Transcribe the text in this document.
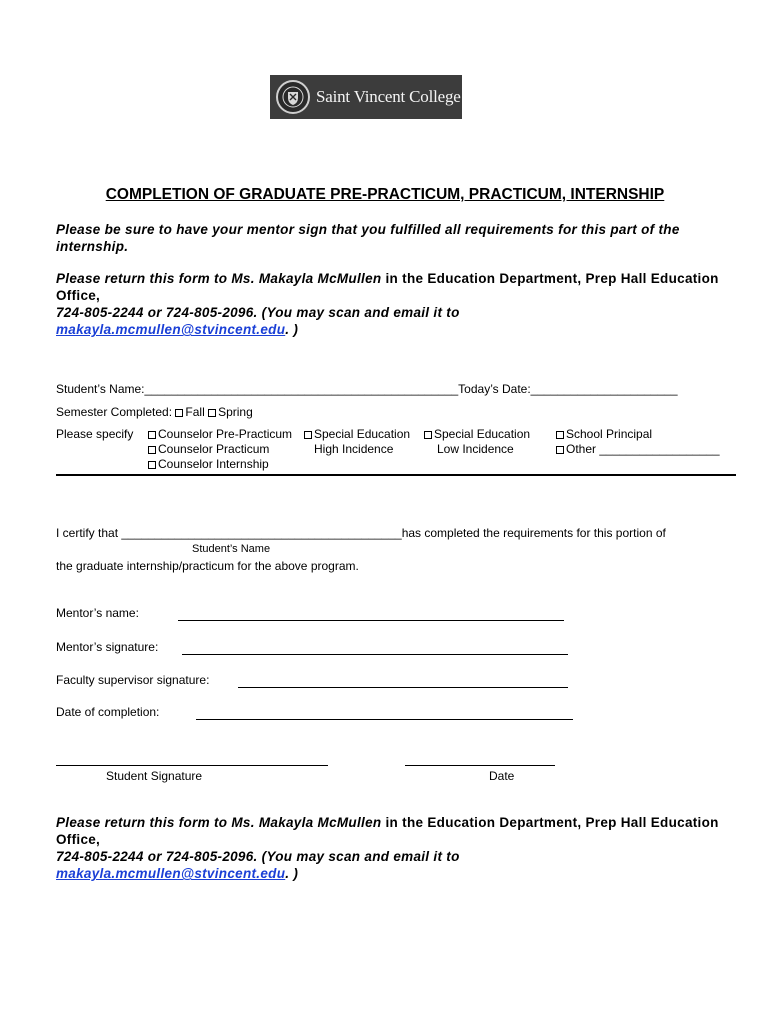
Saint Vincent College
COMPLETION OF GRADUATE PRE-PRACTICUM, PRACTICUM, INTERNSHIP
Please be sure to have your mentor sign that you fulfilled all requirements for this part of the internship.
Please return this form to Ms. Makayla McMullen in the Education Department, Prep Hall Education Office,
724-805-2244 or 724-805-2096. (You may scan and email it to
makayla.mcmullen@stvincent.edu. )
Student’s Name:_______________________________________________Today’s Date:______________________
Semester Completed: Fall Spring
Please specify	Counselor Pre-Practicum
Counselor Practicum
Counselor Internship
Special Education
High Incidence
Special Education
Low Incidence
School Principal
Other __________________
I certify that __________________________________________has completed the requirements for this portion of
Student’s Name
the graduate internship/practicum for the above program.
Mentor’s name:
Mentor’s signature:
Faculty supervisor signature:
Date of completion:
Student Signature	Date
Please return this form to Ms. Makayla McMullen in the Education Department, Prep Hall Education Office,
724-805-2244 or 724-805-2096. (You may scan and email it to
makayla.mcmullen@stvincent.edu. )
